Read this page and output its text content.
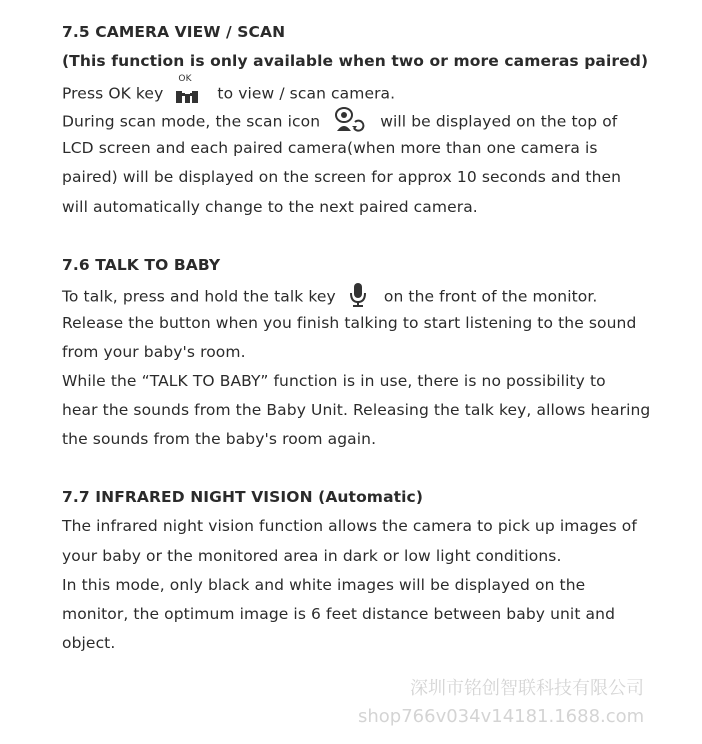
7.5 CAMERA VIEW / SCAN
(This function is only available when two or more cameras paired)
Press OK key
OK
to view / scan camera.
During scan mode, the scan icon	will be displayed on the top of
LCD screen and each paired camera(when more than one camera is
paired) will be displayed on the screen for approx 10 seconds and then
will automatically change to the next paired camera.
7.6 TALK TO BABY
To talk, press and hold the talk key	on the front of the monitor.
Release the button when you finish talking to start listening to the sound
from your baby's room.
While the “TALK TO BABY” function is in use, there is no possibility to
hear the sounds from the Baby Unit. Releasing the talk key, allows hearing
the sounds from the baby's room again.
7.7 INFRARED NIGHT VISION (Automatic)
The infrared night vision function allows the camera to pick up images of
your baby or the monitored area in dark or low light conditions.
In this mode, only black and white images will be displayed on the
monitor, the optimum image is 6 feet distance between baby unit and
object.
深圳市铭创智联科技有限公司
shop766v034v14181.1688.com
